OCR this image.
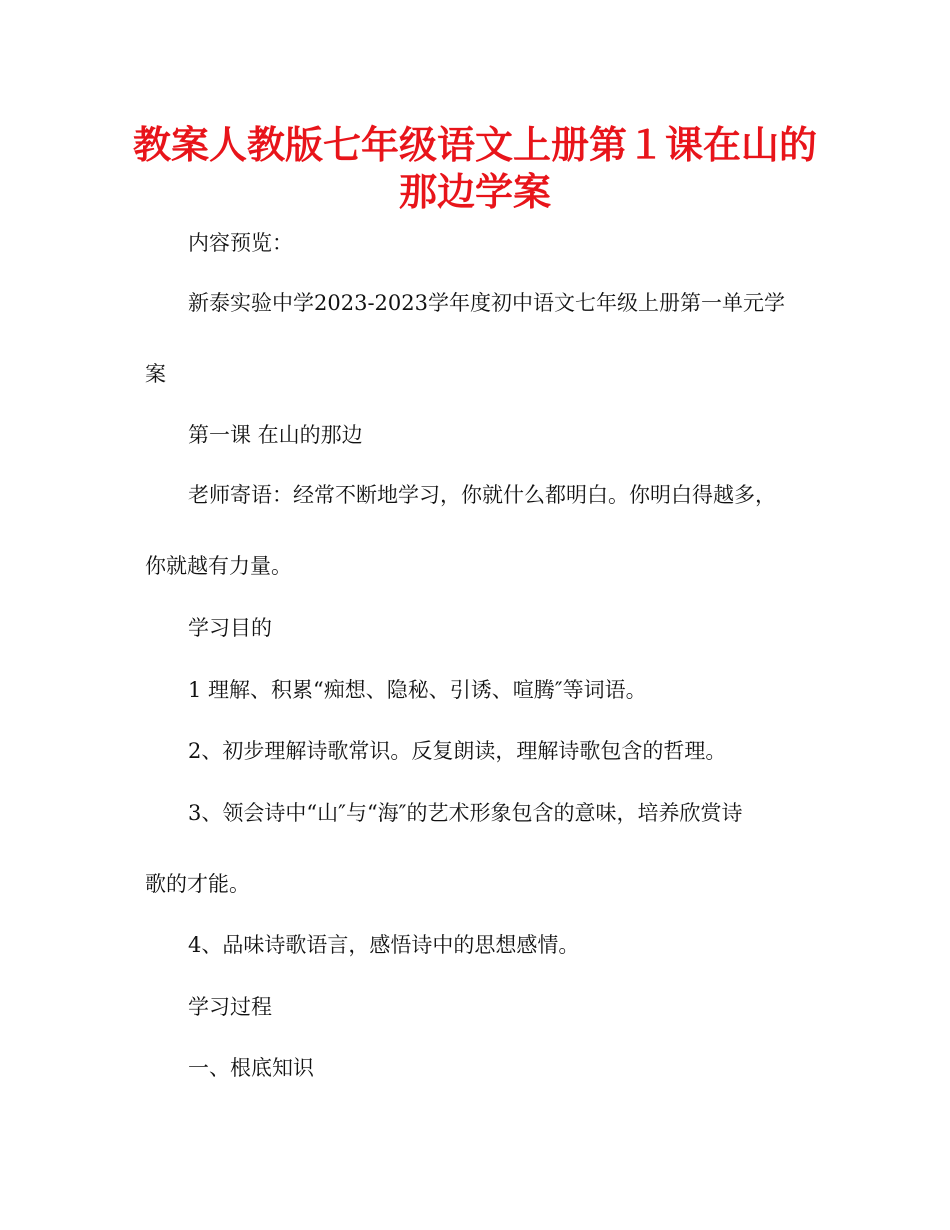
教案人教版七年级语文上册第１课在山的
那边学案

内容预览：

新泰实验中学2023-2023学年度初中语文七年级上册第一单元学

案

第一课 在山的那边

老师寄语：经常不断地学习，你就什么都明白。你明白得越多，

你就越有力量。

学习目的

1 理解、积累“痴想、隐秘、引诱、喧腾″等词语。

2、初步理解诗歌常识。反复朗读，理解诗歌包含的哲理。

3、领会诗中“山″与“海″的艺术形象包含的意味，培养欣赏诗

歌的才能。

4、品味诗歌语言，感悟诗中的思想感情。

学习过程

一、根底知识
